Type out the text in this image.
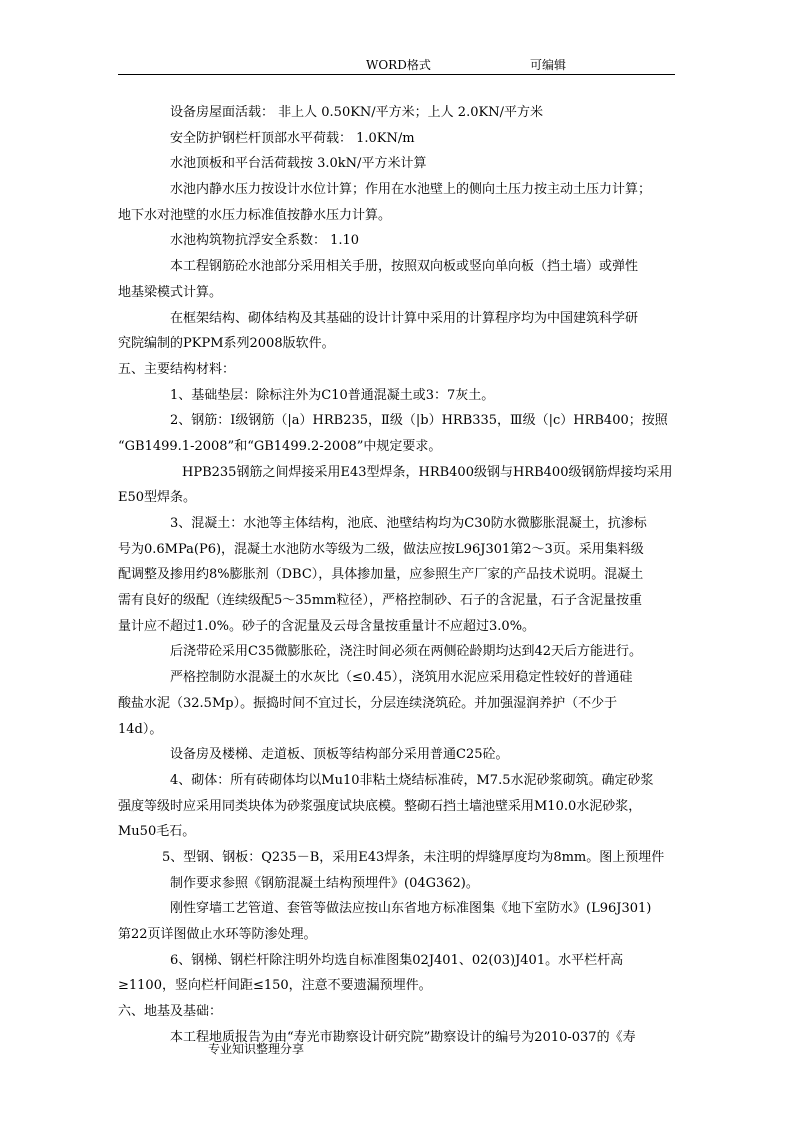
WORD格式	可编辑
设备房屋面活载： 非上人 0.50KN/平方米；上人 2.0KN/平方米
安全防护钢栏杆顶部水平荷载： 1.0KN/m
水池顶板和平台活荷载按 3.0kN/平方米计算
水池内静水压力按设计水位计算；作用在水池壁上的侧向土压力按主动土压力计算；
地下水对池壁的水压力标准值按静水压力计算。
水池构筑物抗浮安全系数： 1.10
本工程钢筋砼水池部分采用相关手册，按照双向板或竖向单向板（挡土墙）或弹性
地基梁模式计算。
在框架结构、砌体结构及其基础的设计计算中采用的计算程序均为中国建筑科学研
究院编制的PKPM系列2008版软件。
五、主要结构材料：
1、基础垫层：除标注外为C10普通混凝土或3：7灰土。
2、钢筋：Ⅰ级钢筋（|a）HRB235，Ⅱ级（|b）HRB335，Ⅲ级（|c）HRB400；按照
“GB1499.1-2008”和“GB1499.2-2008”中规定要求。
HPB235钢筋之间焊接采用E43型焊条，HRB400级钢与HRB400级钢筋焊接均采用
E50型焊条。
3、混凝土：水池等主体结构，池底、池壁结构均为C30防水微膨胀混凝土，抗渗标
号为0.6MPa(P6)，混凝土水池防水等级为二级，做法应按L96J301第2～3页。采用集料级
配调整及掺用约8%膨胀剂（DBC），具体掺加量，应参照生产厂家的产品技术说明。混凝土
需有良好的级配（连续级配5～35mm粒径），严格控制砂、石子的含泥量，石子含泥量按重
量计应不超过1.0%。砂子的含泥量及云母含量按重量计不应超过3.0%。
后浇带砼采用C35微膨胀砼，浇注时间必须在两侧砼龄期均达到42天后方能进行。
严格控制防水混凝土的水灰比（≤0.45），浇筑用水泥应采用稳定性较好的普通硅
酸盐水泥（32.5Mp）。振捣时间不宜过长，分层连续浇筑砼。并加强湿润养护（不少于
14d）。
设备房及楼梯、走道板、顶板等结构部分采用普通C25砼。
4、砌体：所有砖砌体均以Mu10非粘土烧结标准砖，M7.5水泥砂浆砌筑。确定砂浆
强度等级时应采用同类块体为砂浆强度试块底模。整砌石挡土墙池壁采用M10.0水泥砂浆，
Mu50毛石。
5、型钢、钢板：Q235－B，采用E43焊条，未注明的焊缝厚度均为8mm。图上预埋件
制作要求参照《钢筋混凝土结构预埋件》(04G362)。
刚性穿墙工艺管道、套管等做法应按山东省地方标准图集《地下室防水》(L96J301)
第22页详图做止水环等防渗处理。
6、钢梯、钢栏杆除注明外均选自标准图集02J401、02(03)J401。水平栏杆高
≥1100，竖向栏杆间距≤150，注意不要遗漏预埋件。
六、地基及基础：
本工程地质报告为由“寿光市勘察设计研究院”勘察设计的编号为2010-037的《寿
专业知识整理分享
